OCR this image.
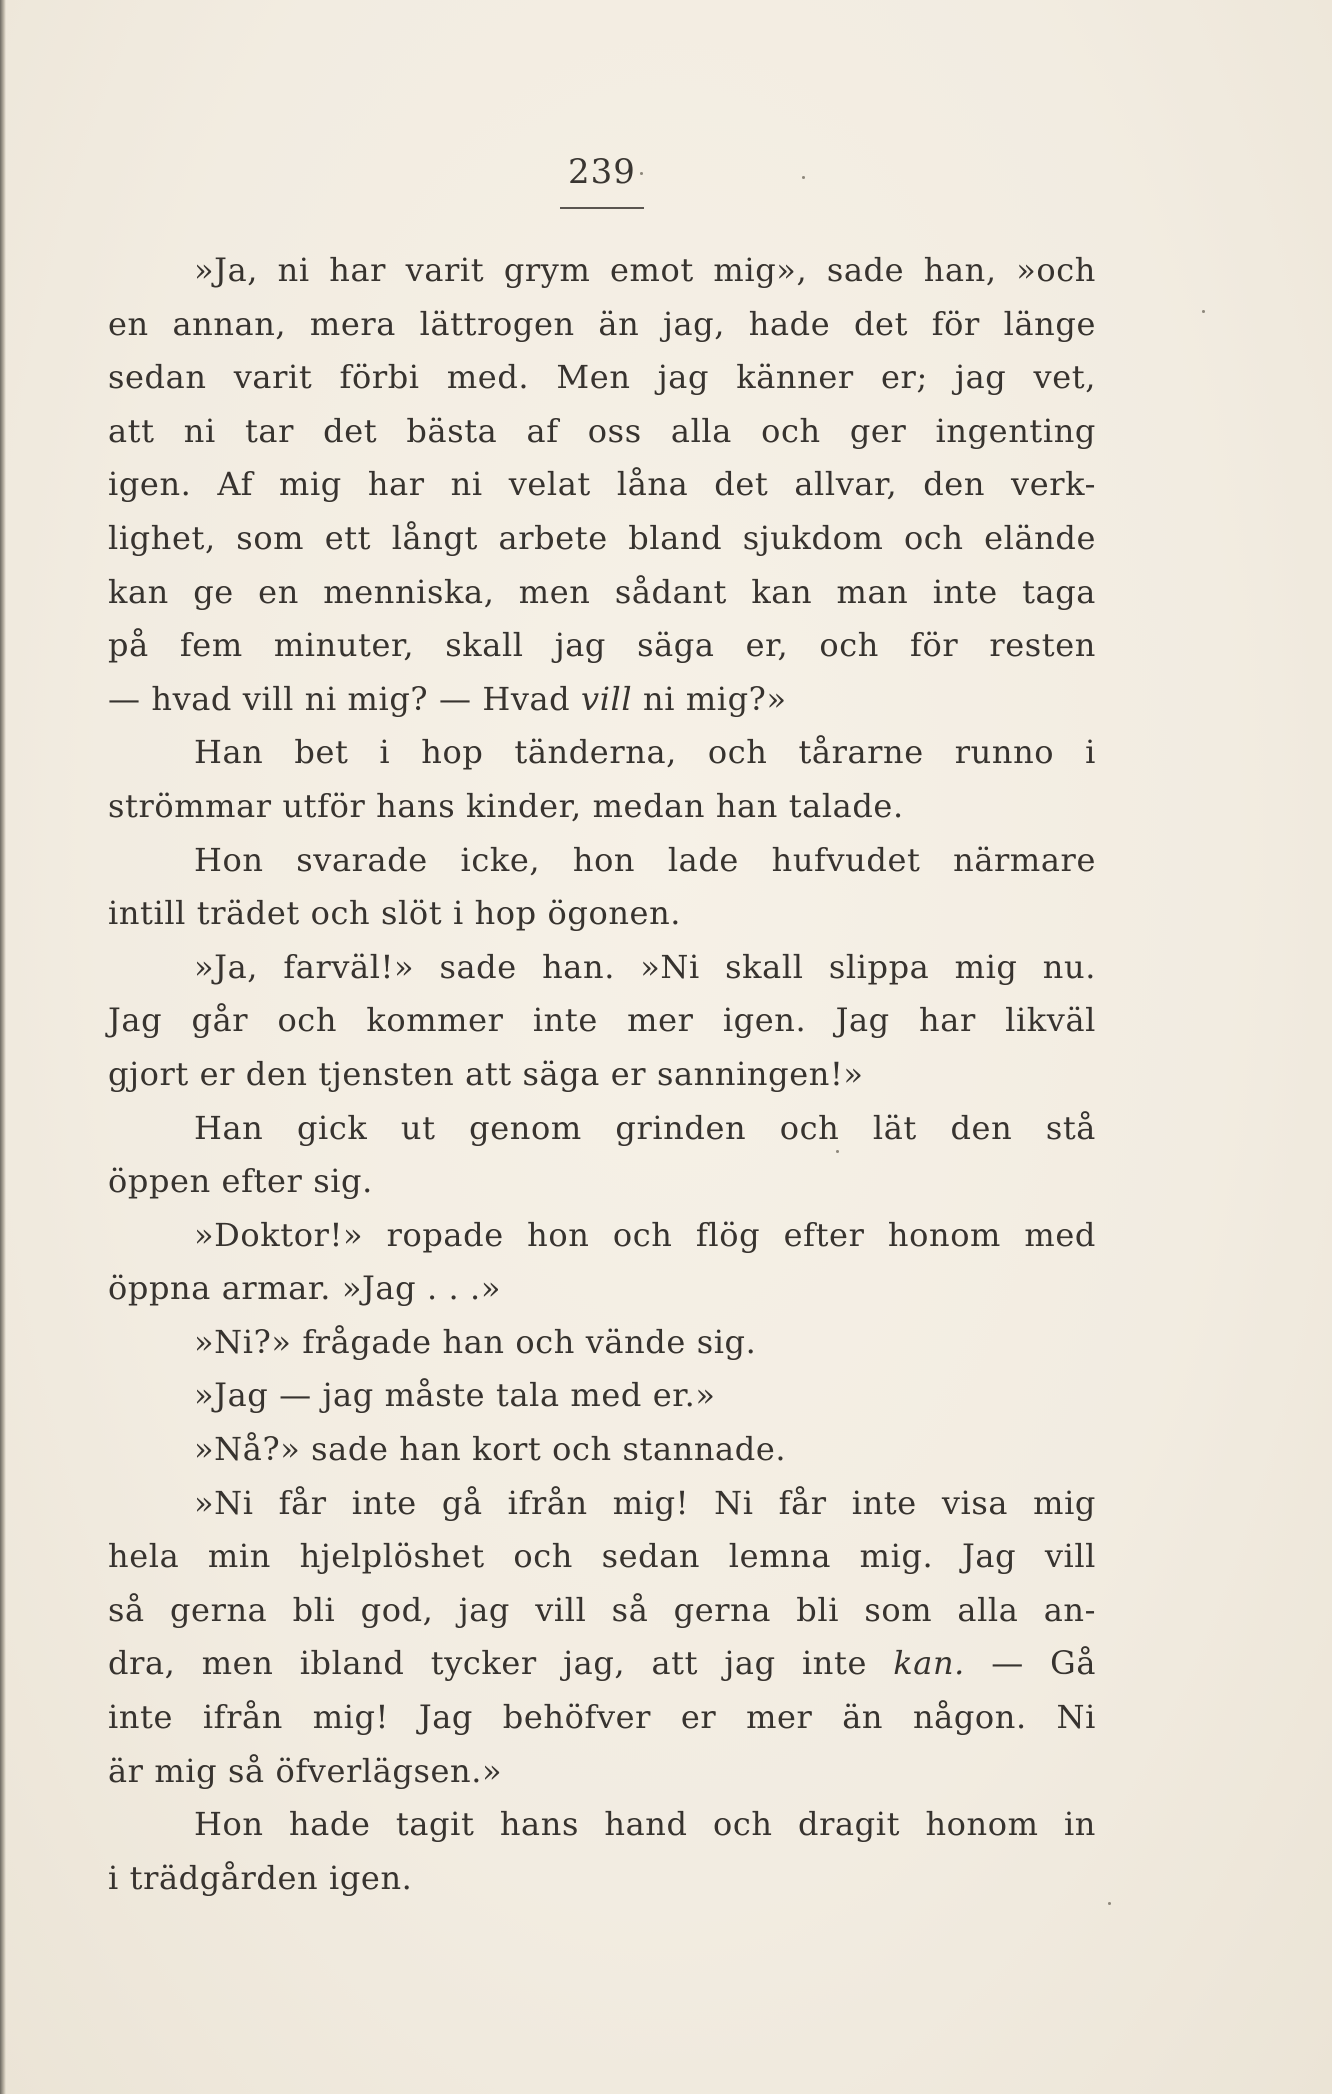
239
»Ja, ni har varit grym emot mig», sade han, »och
en annan, mera lättrogen än jag, hade det för länge
sedan varit förbi med. Men jag känner er; jag vet,
att ni tar det bästa af oss alla och ger ingenting
igen. Af mig har ni velat låna det allvar, den verk-
lighet, som ett långt arbete bland sjukdom och elände
kan ge en menniska, men sådant kan man inte taga
på fem minuter, skall jag säga er, och för resten
— hvad vill ni mig? — Hvad vill ni mig?»
Han bet i hop tänderna, och tårarne runno i
strömmar utför hans kinder, medan han talade.
Hon svarade icke, hon lade hufvudet närmare
intill trädet och slöt i hop ögonen.
»Ja, farväl!» sade han. »Ni skall slippa mig nu.
Jag går och kommer inte mer igen. Jag har likväl
gjort er den tjensten att säga er sanningen!»
Han gick ut genom grinden och lät den stå
öppen efter sig.
»Doktor!» ropade hon och flög efter honom med
öppna armar. »Jag . . .»
»Ni?» frågade han och vände sig.
»Jag — jag måste tala med er.»
»Nå?» sade han kort och stannade.
»Ni får inte gå ifrån mig! Ni får inte visa mig
hela min hjelplöshet och sedan lemna mig. Jag vill
så gerna bli god, jag vill så gerna bli som alla an-
dra, men ibland tycker jag, att jag inte kan. — Gå
inte ifrån mig! Jag behöfver er mer än någon. Ni
är mig så öfverlägsen.»
Hon hade tagit hans hand och dragit honom in
i trädgården igen.
